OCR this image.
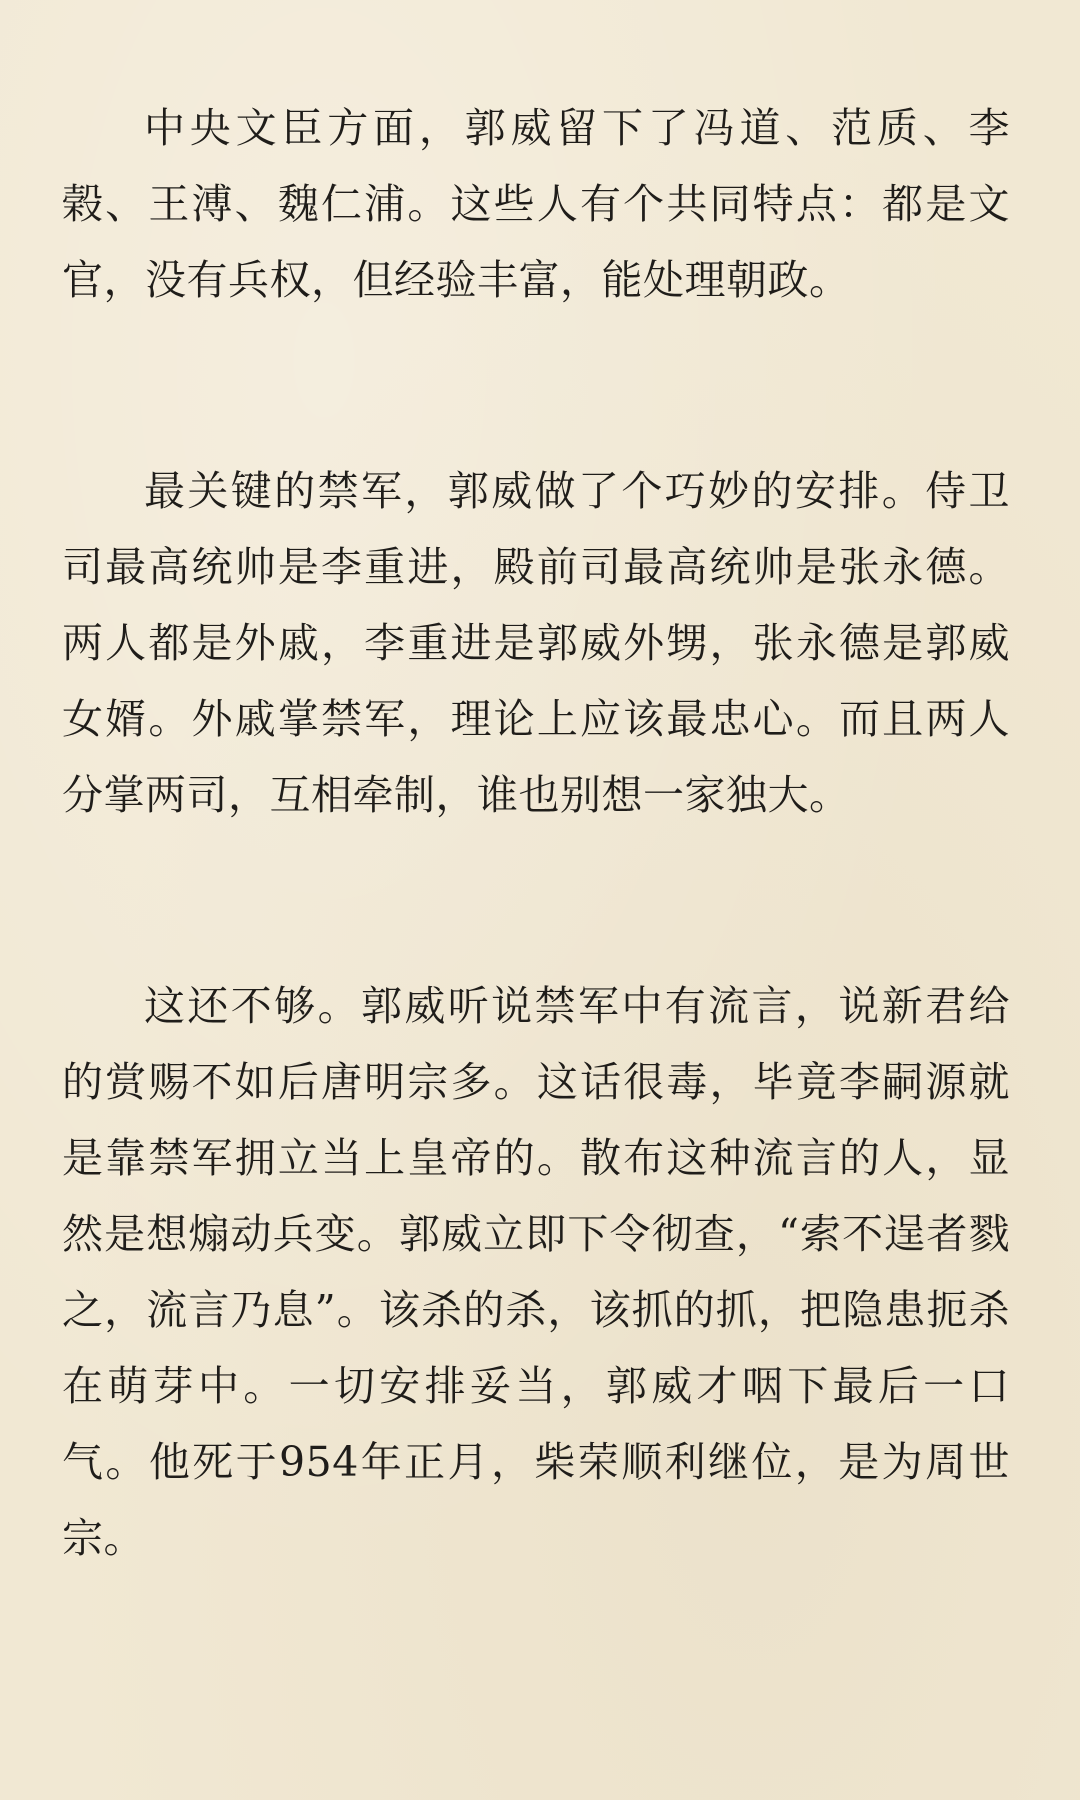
中央文臣方面，郭威留下了冯道、范质、李榖、王溥、魏仁浦。这些人有个共同特点：都是文官，没有兵权，但经验丰富，能处理朝政。

最关键的禁军，郭威做了个巧妙的安排。侍卫司最高统帅是李重进，殿前司最高统帅是张永德。两人都是外戚，李重进是郭威外甥，张永德是郭威女婿。外戚掌禁军，理论上应该最忠心。而且两人分掌两司，互相牵制，谁也别想一家独大。

这还不够。郭威听说禁军中有流言，说新君给的赏赐不如后唐明宗多。这话很毒，毕竟李嗣源就是靠禁军拥立当上皇帝的。散布这种流言的人，显然是想煽动兵变。郭威立即下令彻查，“索不逞者戮之，流言乃息”。该杀的杀，该抓的抓，把隐患扼杀在萌芽中。一切安排妥当，郭威才咽下最后一口气。他死于954年正月，柴荣顺利继位，是为周世宗。
